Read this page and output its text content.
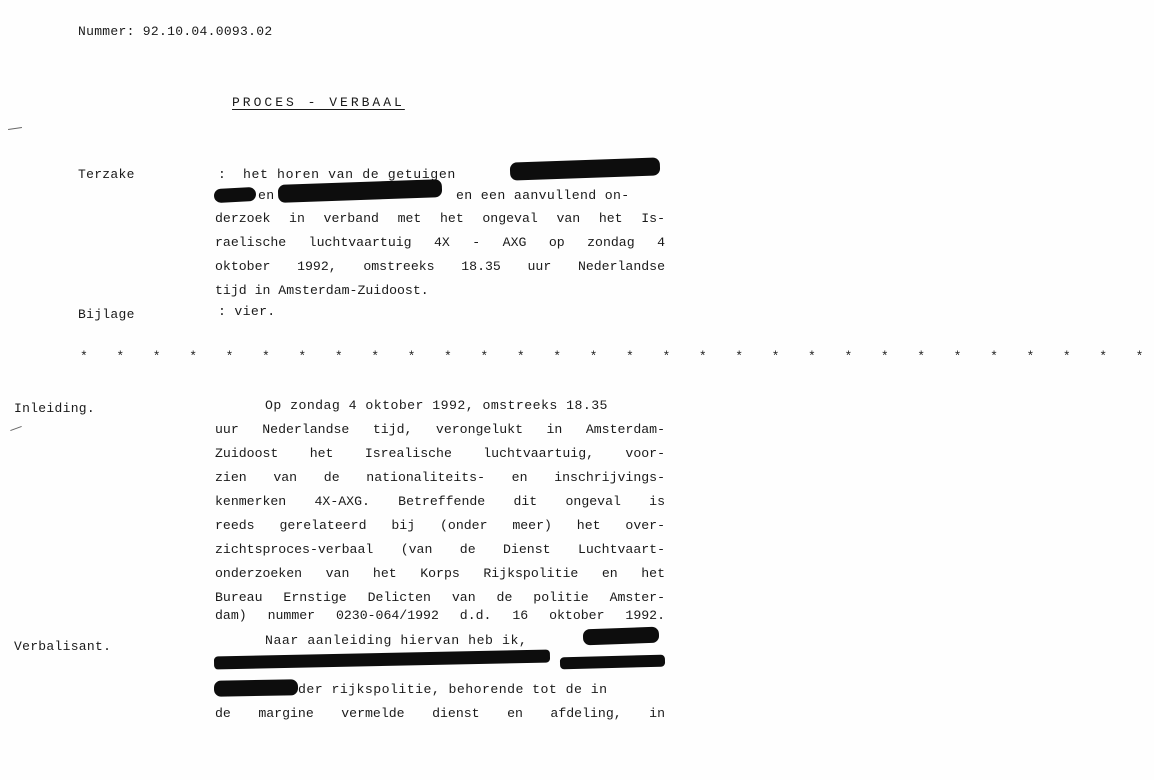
Nummer: 92.10.04.0093.02
PROCES - VERBAAL
Terzake	: het horen van de getuigen
en	en een aanvullend on-
derzoek in verband met het ongeval van het Is-
raelische luchtvaartuig 4X - AXG op zondag 4
oktober 1992, omstreeks 18.35 uur Nederlandse
tijd in Amsterdam-Zuidoost.
Bijlage	: vier.
* * * * * * * * * * * * * * * * * * * * * * * * * * * * * *
Inleiding.	Op zondag 4 oktober 1992, omstreeks 18.35
uur Nederlandse tijd, verongelukt in Amsterdam-
Zuidoost het Isrealische luchtvaartuig, voor-
zien van de nationaliteits- en inschrijvings-
kenmerken 4X-AXG. Betreffende dit ongeval is
reeds gerelateerd bij (onder meer) het over-
zichtsproces-verbaal (van de Dienst Luchtvaart-
onderzoeken van het Korps Rijkspolitie en het
Bureau Ernstige Delicten van de politie Amster-
dam) nummer 0230-064/1992 d.d. 16 oktober 1992.
Verbalisant.	Naar aanleiding hiervan heb ik,
der rijkspolitie, behorende tot de in
de margine vermelde dienst en afdeling, in
